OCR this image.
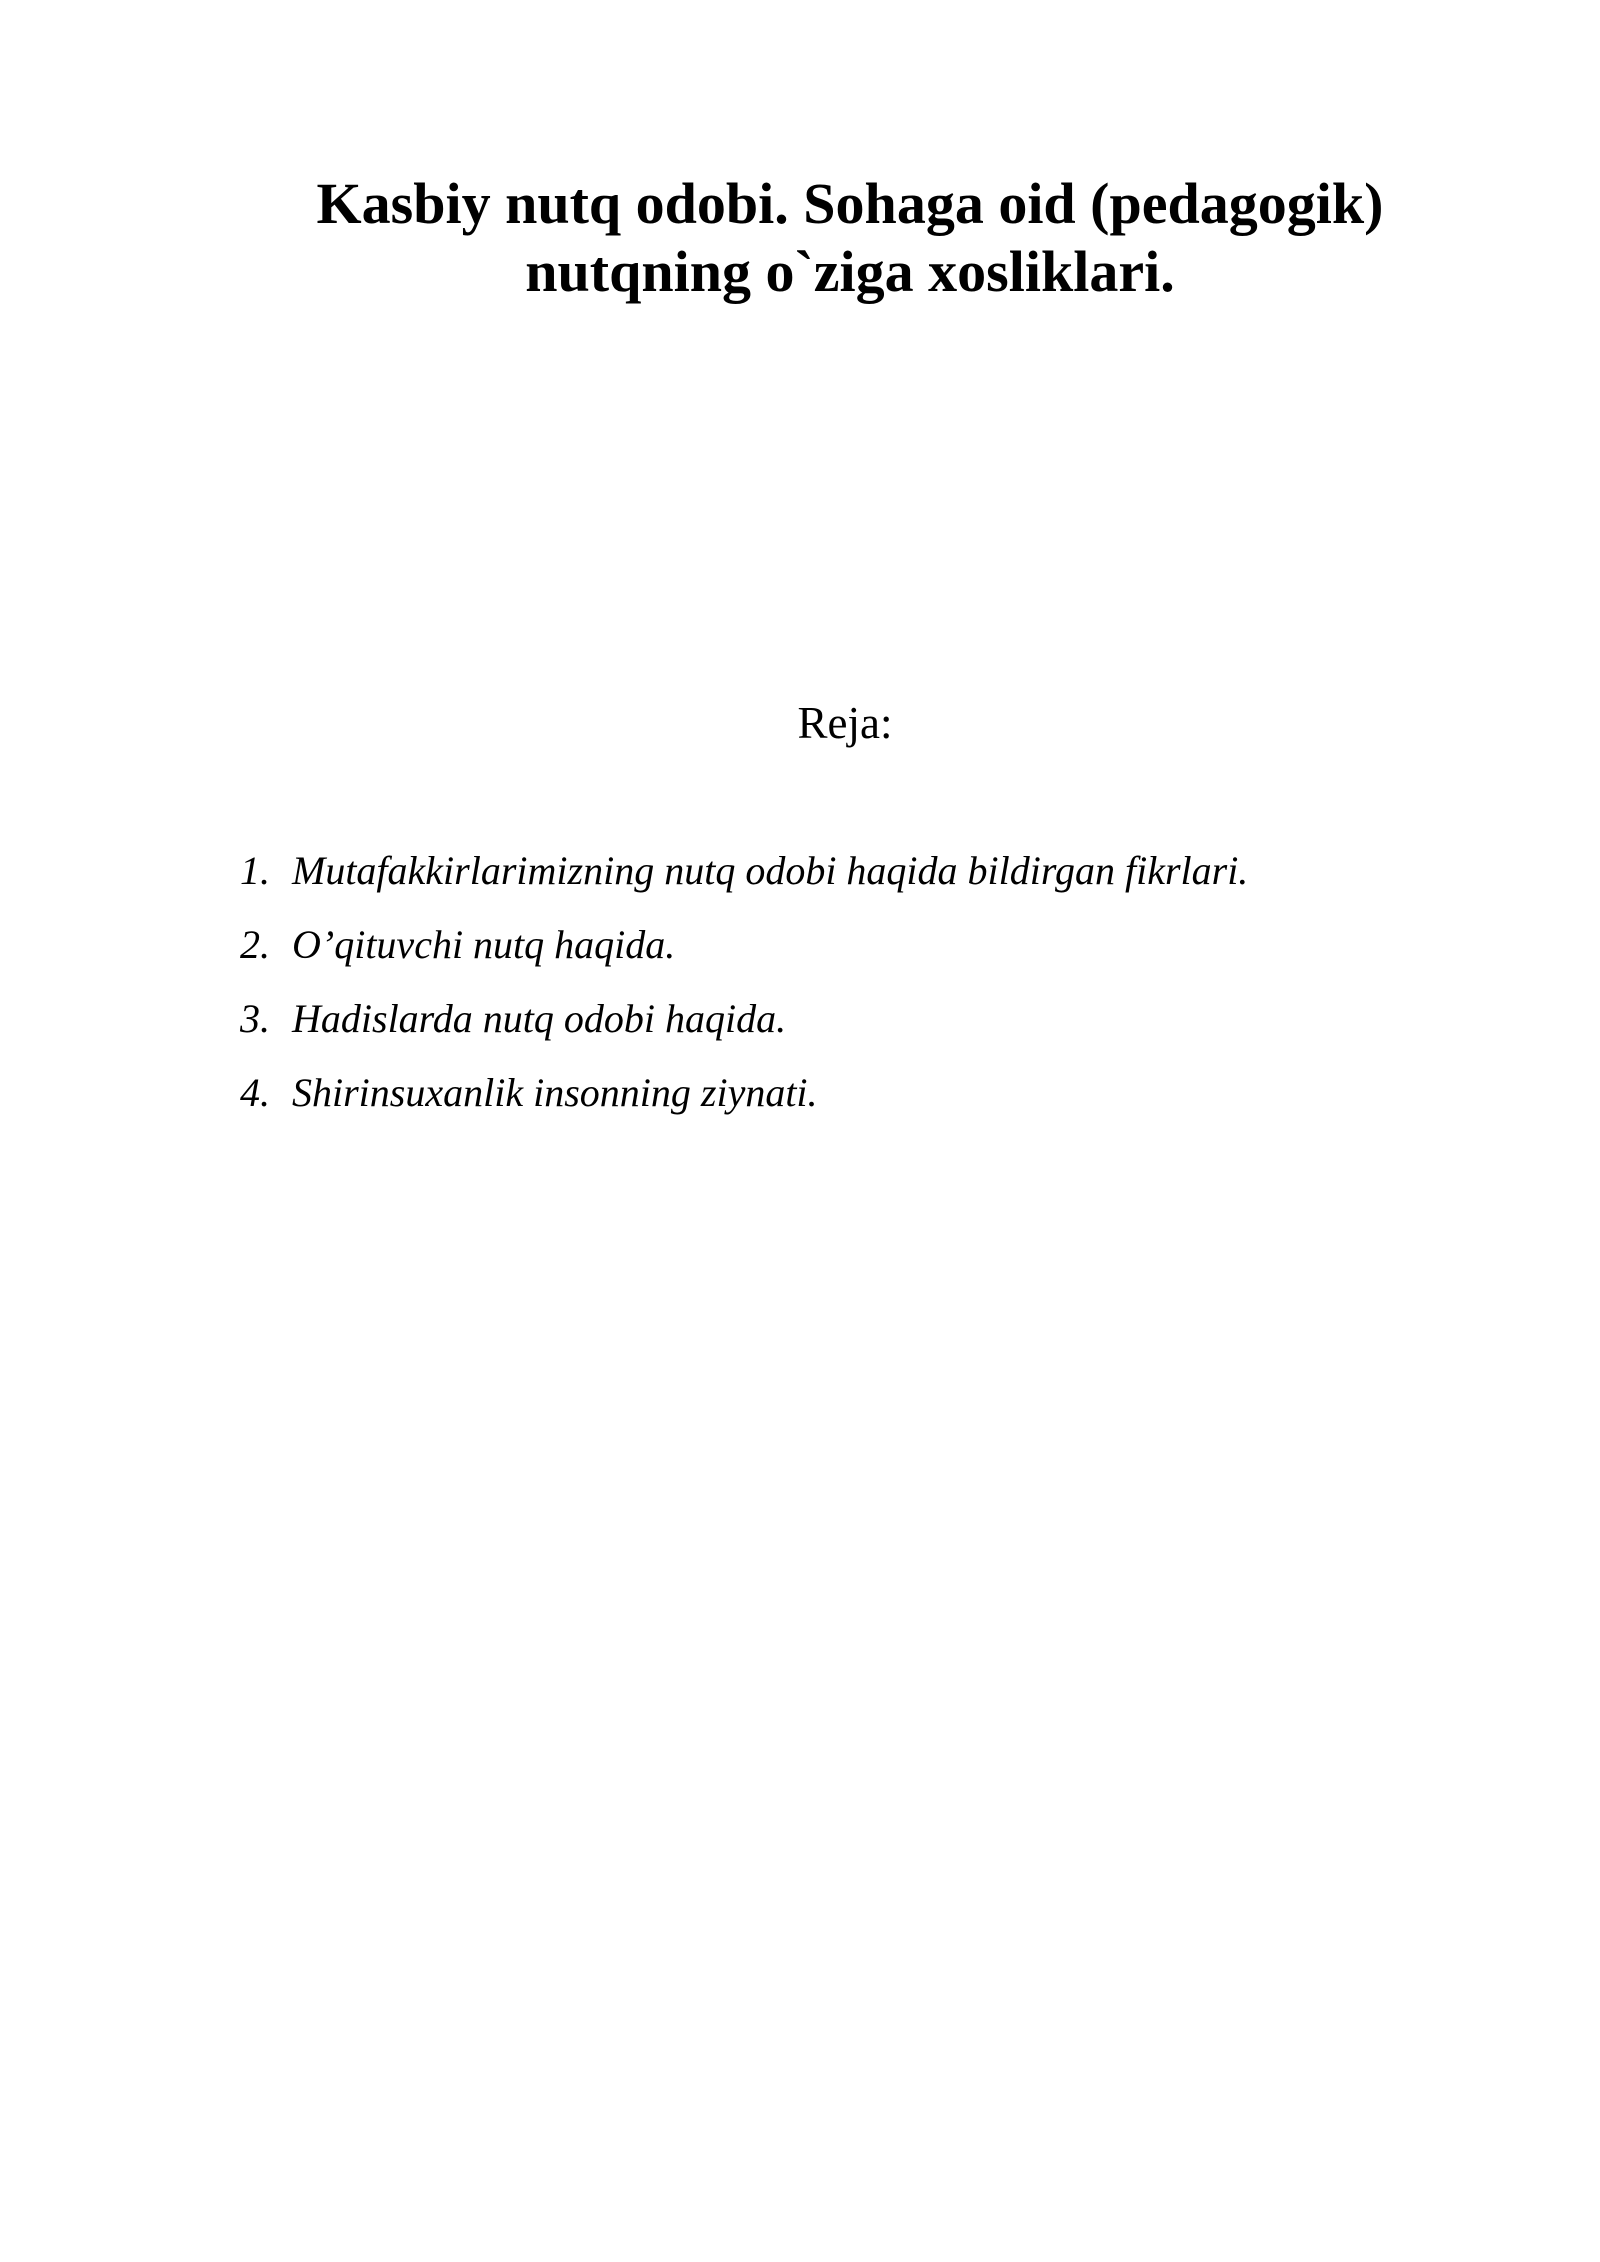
Kasbiy nutq odobi. Sohaga oid (pedagogik)
nutqning o`ziga xosliklari.
Reja:
1. Mutafakkirlarimizning nutq odobi haqida bildirgan fikrlari.
2. O’qituvchi nutq haqida.
3. Hadislarda nutq odobi haqida.
4. Shirinsuxanlik insonning ziynati.
